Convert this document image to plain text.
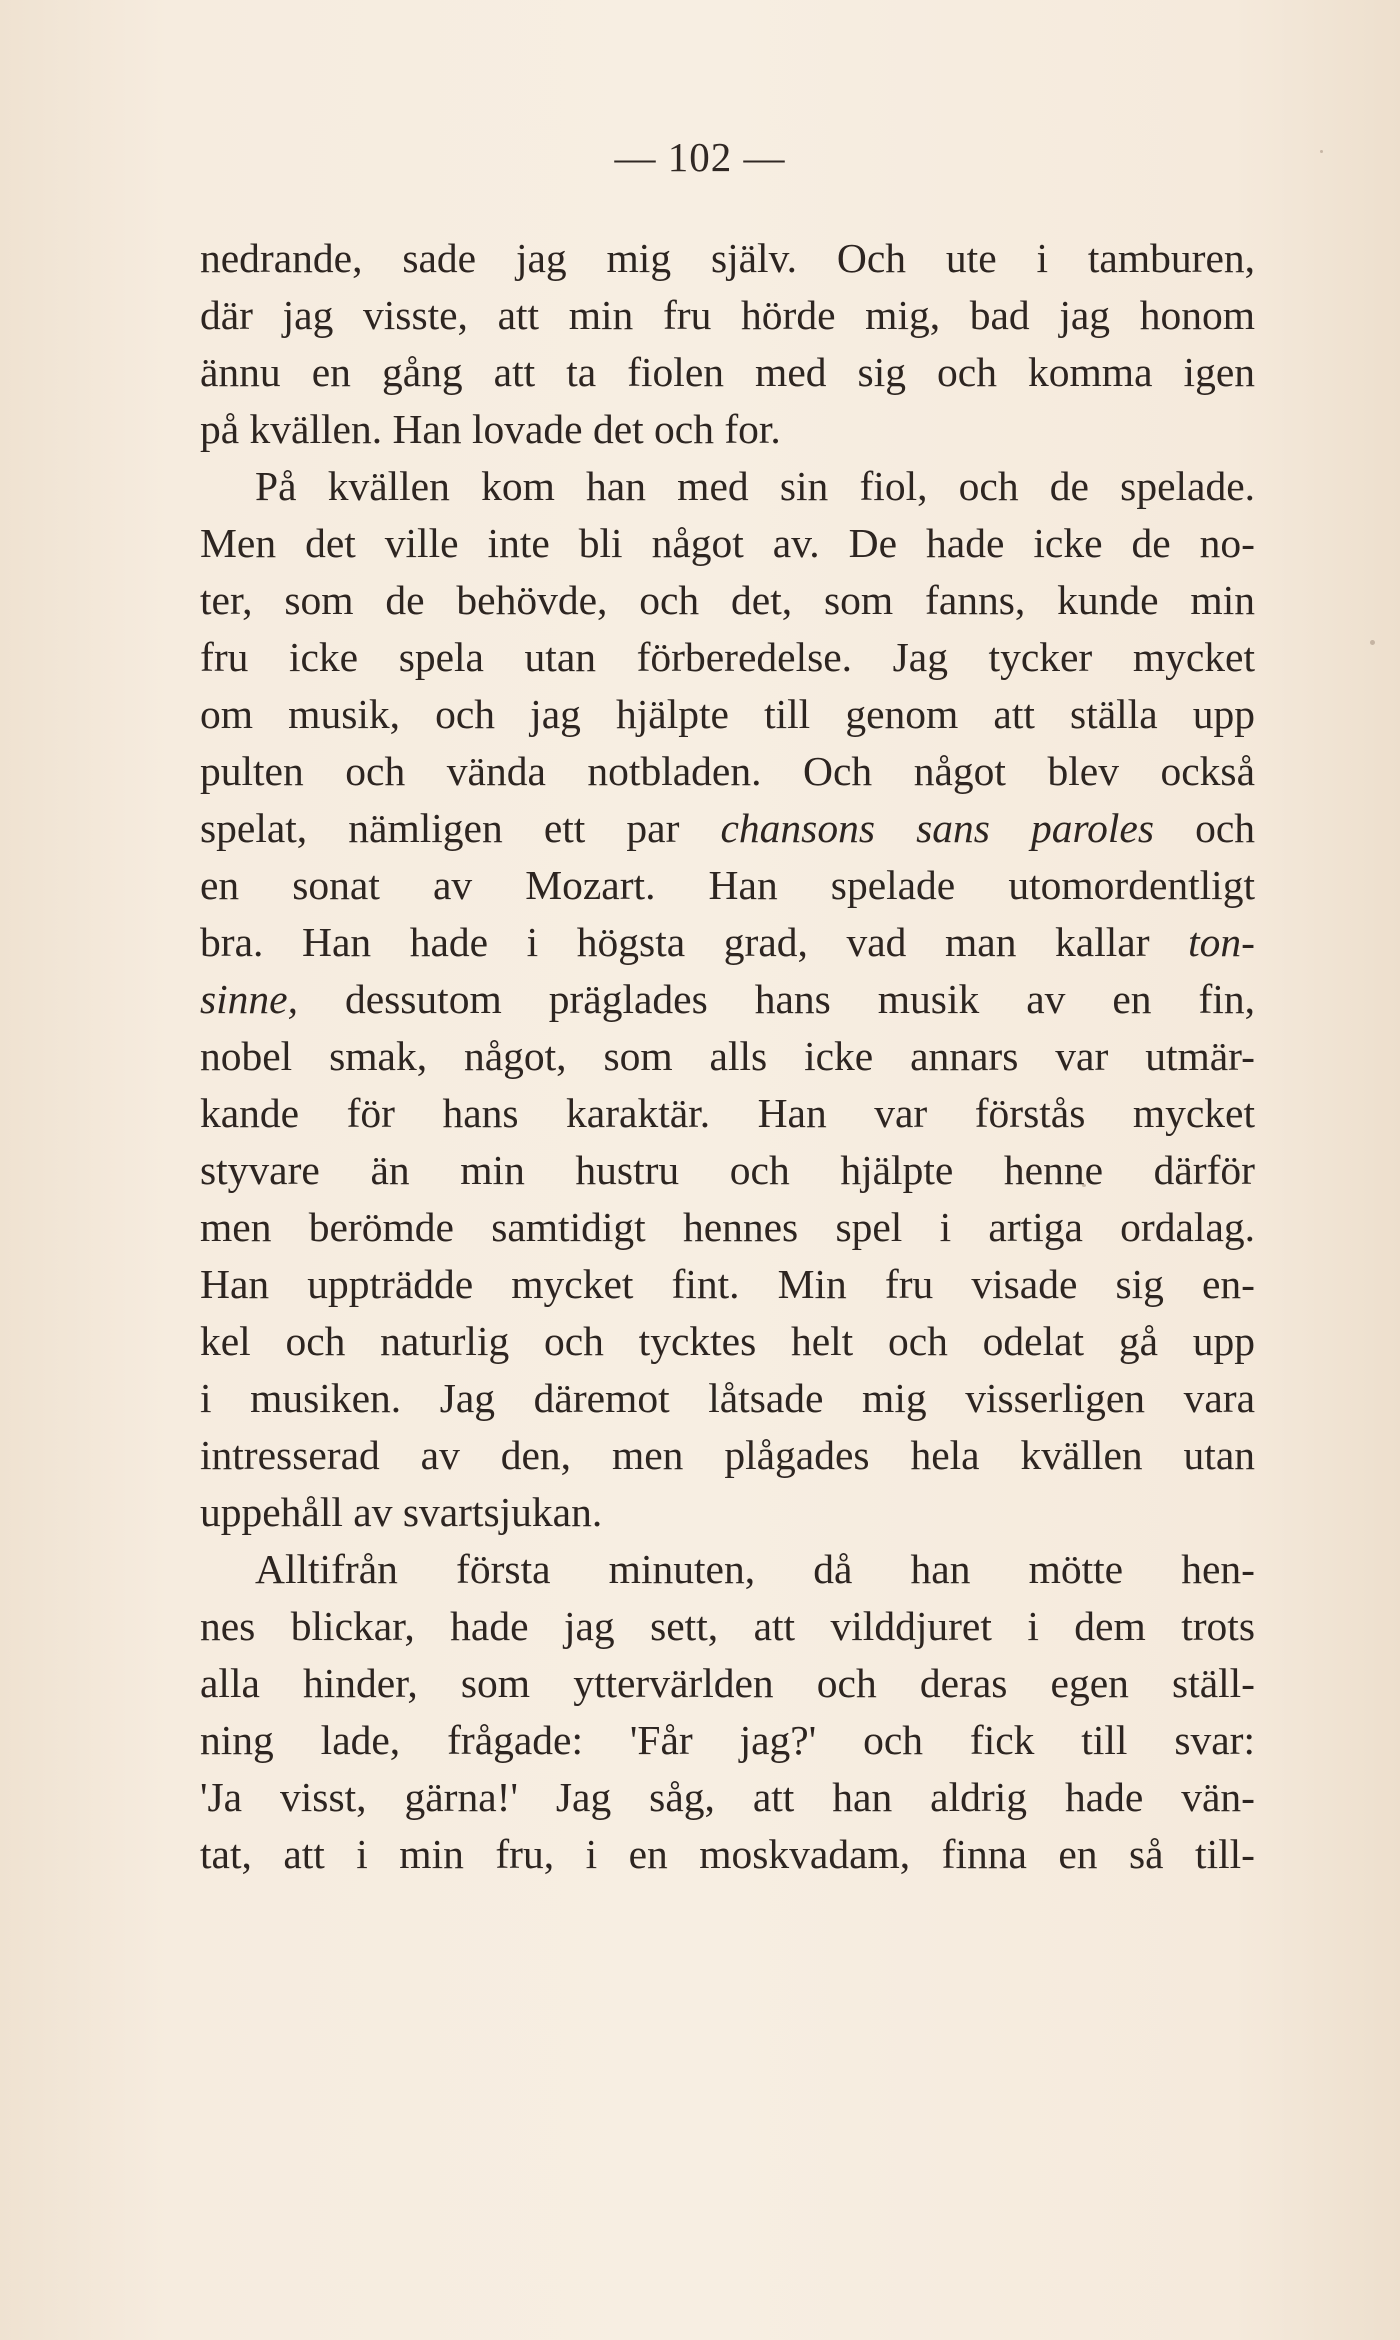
— 102 —
nedrande, sade jag mig själv. Och ute i tamburen,
där jag visste, att min fru hörde mig, bad jag honom
ännu en gång att ta fiolen med sig och komma igen
på kvällen. Han lovade det och for.
På kvällen kom han med sin fiol, och de spelade.
Men det ville inte bli något av. De hade icke de no-
ter, som de behövde, och det, som fanns, kunde min
fru icke spela utan förberedelse. Jag tycker mycket
om musik, och jag hjälpte till genom att ställa upp
pulten och vända notbladen. Och något blev också
spelat, nämligen ett par chansons sans paroles och
en sonat av Mozart. Han spelade utomordentligt
bra. Han hade i högsta grad, vad man kallar ton-
sinne, dessutom präglades hans musik av en fin,
nobel smak, något, som alls icke annars var utmär-
kande för hans karaktär. Han var förstås mycket
styvare än min hustru och hjälpte henne därför
men berömde samtidigt hennes spel i artiga ordalag.
Han uppträdde mycket fint. Min fru visade sig en-
kel och naturlig och tycktes helt och odelat gå upp
i musiken. Jag däremot låtsade mig visserligen vara
intresserad av den, men plågades hela kvällen utan
uppehåll av svartsjukan.
Alltifrån första minuten, då han mötte hen-
nes blickar, hade jag sett, att vilddjuret i dem trots
alla hinder, som yttervärlden och deras egen ställ-
ning lade, frågade: 'Får jag?' och fick till svar:
'Ja visst, gärna!' Jag såg, att han aldrig hade vän-
tat, att i min fru, i en moskvadam, finna en så till-
